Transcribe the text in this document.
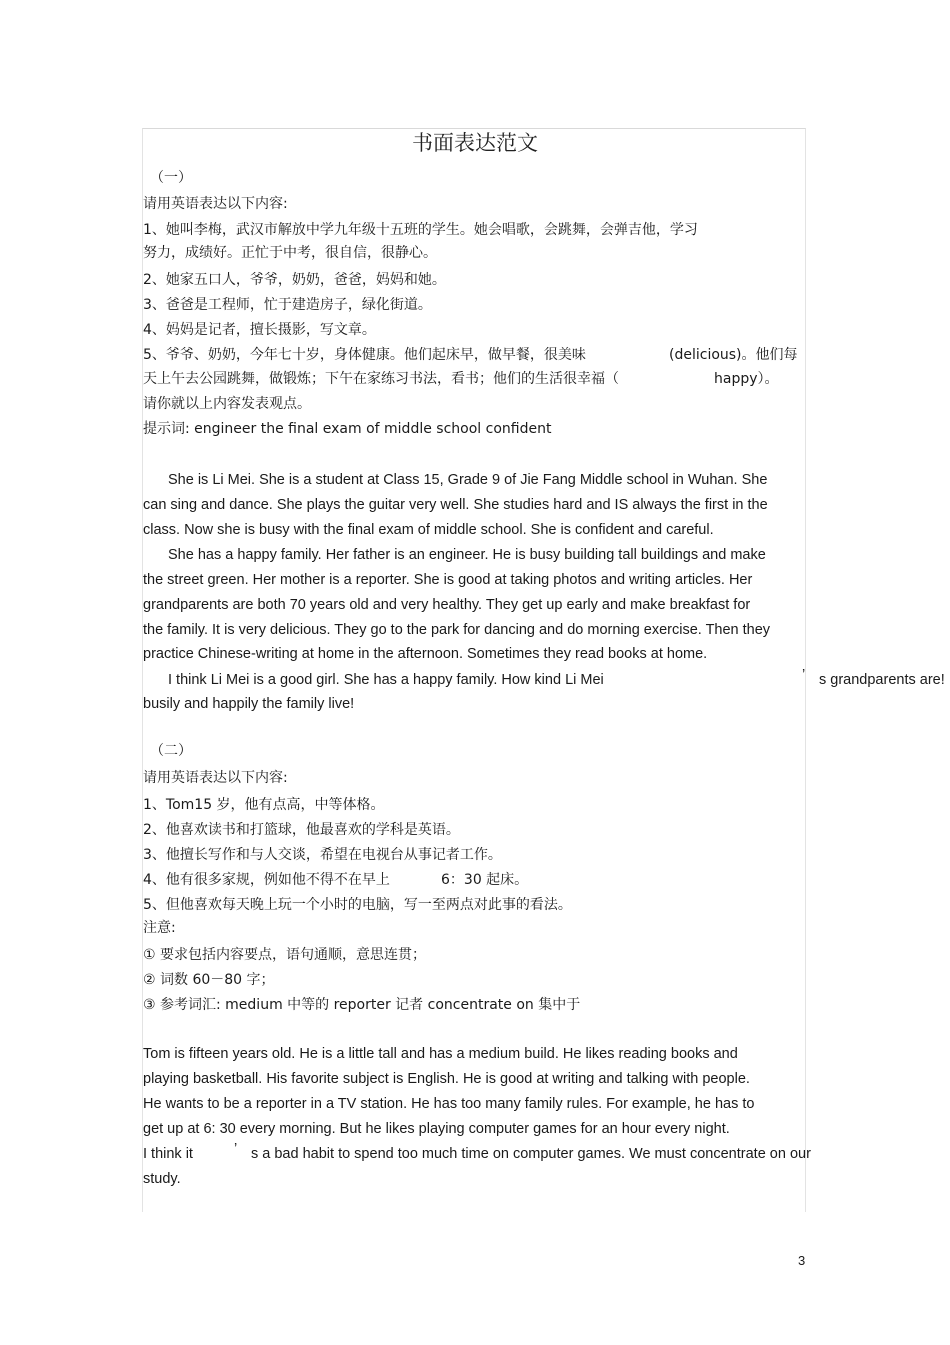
书面表达范文
（一）
请用英语表达以下内容:
1、她叫李梅，武汉市解放中学九年级十五班的学生。她会唱歌，会跳舞，会弹吉他，学习
努力，成绩好。正忙于中考，很自信，很静心。
2、她家五口人，爷爷，奶奶，爸爸，妈妈和她。
3、爸爸是工程师，忙于建造房子，绿化街道。
4、妈妈是记者，擅长摄影，写文章。
5、爷爷、奶奶，今年七十岁，身体健康。他们起床早，做早餐，很美味	(delicious)。他们每
天上午去公园跳舞，做锻炼；下午在家练习书法，看书；他们的生活很幸福（	happy）。
请你就以上内容发表观点。
提示词: engineer the final exam of middle school confident
She is Li Mei. She is a student at Class 15, Grade 9 of Jie Fang Middle school in Wuhan. She
can sing and dance. She plays the guitar very well. She studies hard and IS always the first in the
class. Now she is busy with the final exam of middle school. She is confident and careful.
She has a happy family. Her father is an engineer. He is busy building tall buildings and make
the street green. Her mother is a reporter. She is good at taking photos and writing articles. Her
grandparents are both 70 years old and very healthy. They get up early and make breakfast for
the family. It is very delicious. They go to the park for dancing and do morning exercise. Then they
practice Chinese-writing at home in the afternoon. Sometimes they read books at home.
I think Li Mei is a good girl. She has a happy family. How kind Li Mei	’ s grandparents are!
busily and happily the family live!
（二）
请用英语表达以下内容:
1、Tom15 岁，他有点高，中等体格。
2、他喜欢读书和打篮球，他最喜欢的学科是英语。
3、他擅长写作和与人交谈，希望在电视台从事记者工作。
4、他有很多家规，例如他不得不在早上	6：30 起床。
5、但他喜欢每天晚上玩一个小时的电脑，写一至两点对此事的看法。
注意:
① 要求包括内容要点，语句通顺，意思连贯；
② 词数 60－80 字；
③ 参考词汇: medium 中等的 reporter 记者 concentrate on 集中于
Tom is fifteen years old. He is a little tall and has a medium build. He likes reading books and
playing basketball. His favorite subject is English. He is good at writing and talking with people.
He wants to be a reporter in a TV station. He has too many family rules. For example, he has to
get up at 6: 30 every morning. But he likes playing computer games for an hour every night.
I think it	’ s a bad habit to spend too much time on computer games. We must concentrate on our
study.
3
